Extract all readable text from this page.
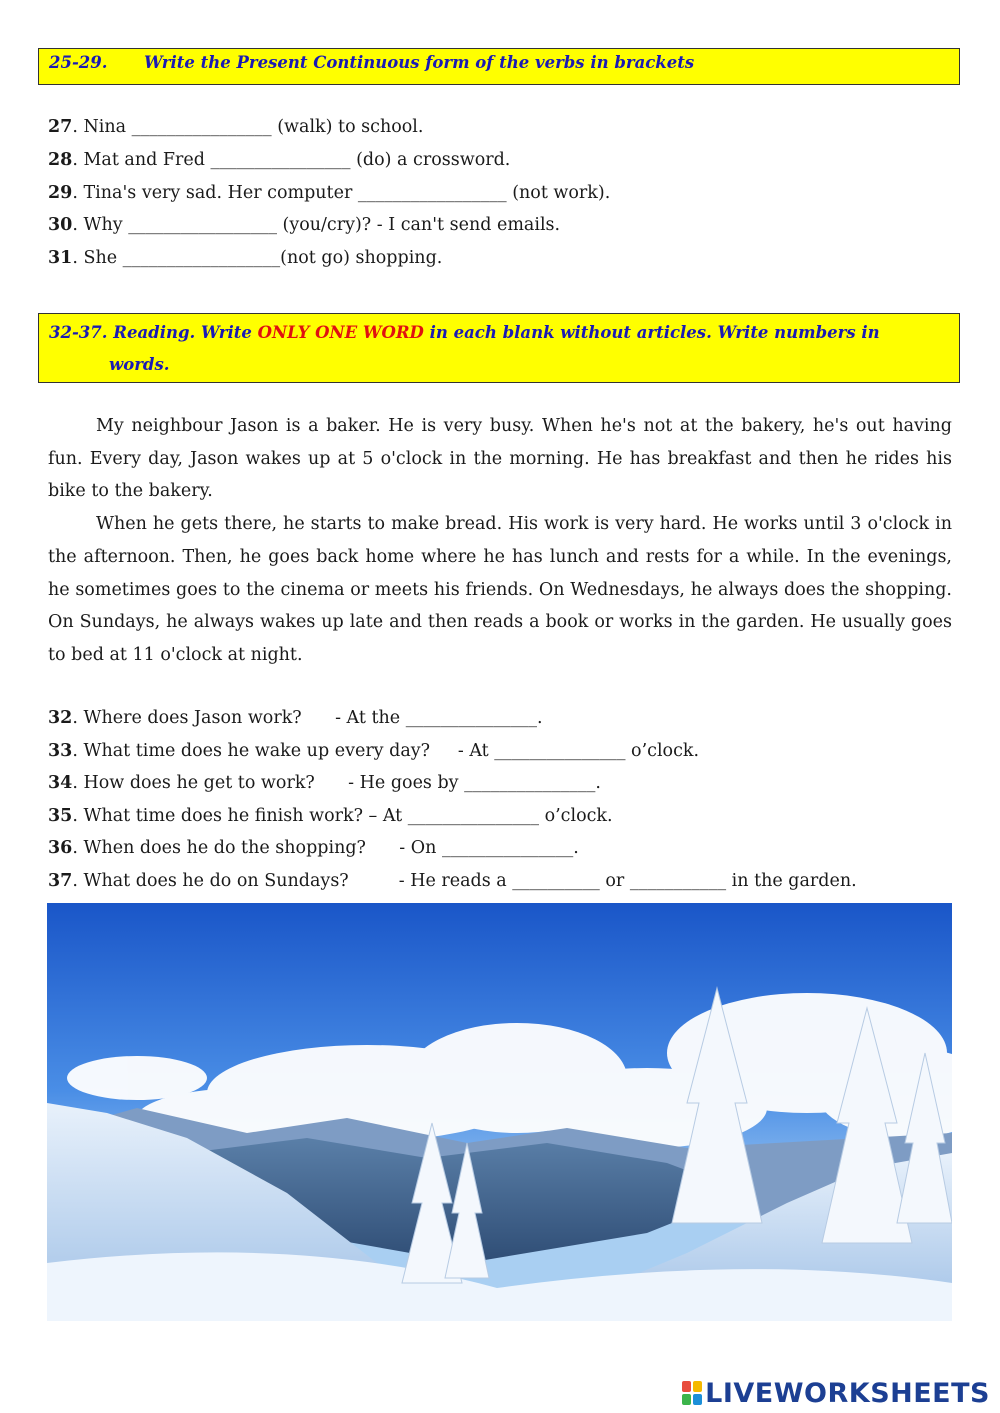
25-29. Write the Present Continuous form of the verbs in brackets
27. Nina ________________ (walk) to school.
28. Mat and Fred ________________ (do) a crossword.
29. Tina's very sad. Her computer _________________ (not work).
30. Why _________________ (you/cry)? - I can't send emails.
31. She __________________(not go) shopping.
32-37. Reading. Write ONLY ONE WORD in each blank without articles. Write numbers in
words.

My neighbour Jason is a baker. He is very busy. When he's not at the bakery, he's out having fun. Every day, Jason wakes up at 5 o'clock in the morning. He has breakfast and then he rides his bike to the bakery.

When he gets there, he starts to make bread. His work is very hard. He works until 3 o'clock in the afternoon. Then, he goes back home where he has lunch and rests for a while. In the evenings, he sometimes goes to the cinema or meets his friends. On Wednesdays, he always does the shopping. On Sundays, he always wakes up late and then reads a book or works in the garden. He usually goes to bed at 11 o'clock at night.

32. Where does Jason work?      - At the _______________.
33. What time does he wake up every day?     - At _______________ o’clock.
34. How does he get to work?      - He goes by _______________.
35. What time does he finish work? – At _______________ o’clock.
36. When does he do the shopping?      - On _______________.
37. What does he do on Sundays?         - He reads a __________ or ___________ in the garden.
LIVEWORKSHEETS
